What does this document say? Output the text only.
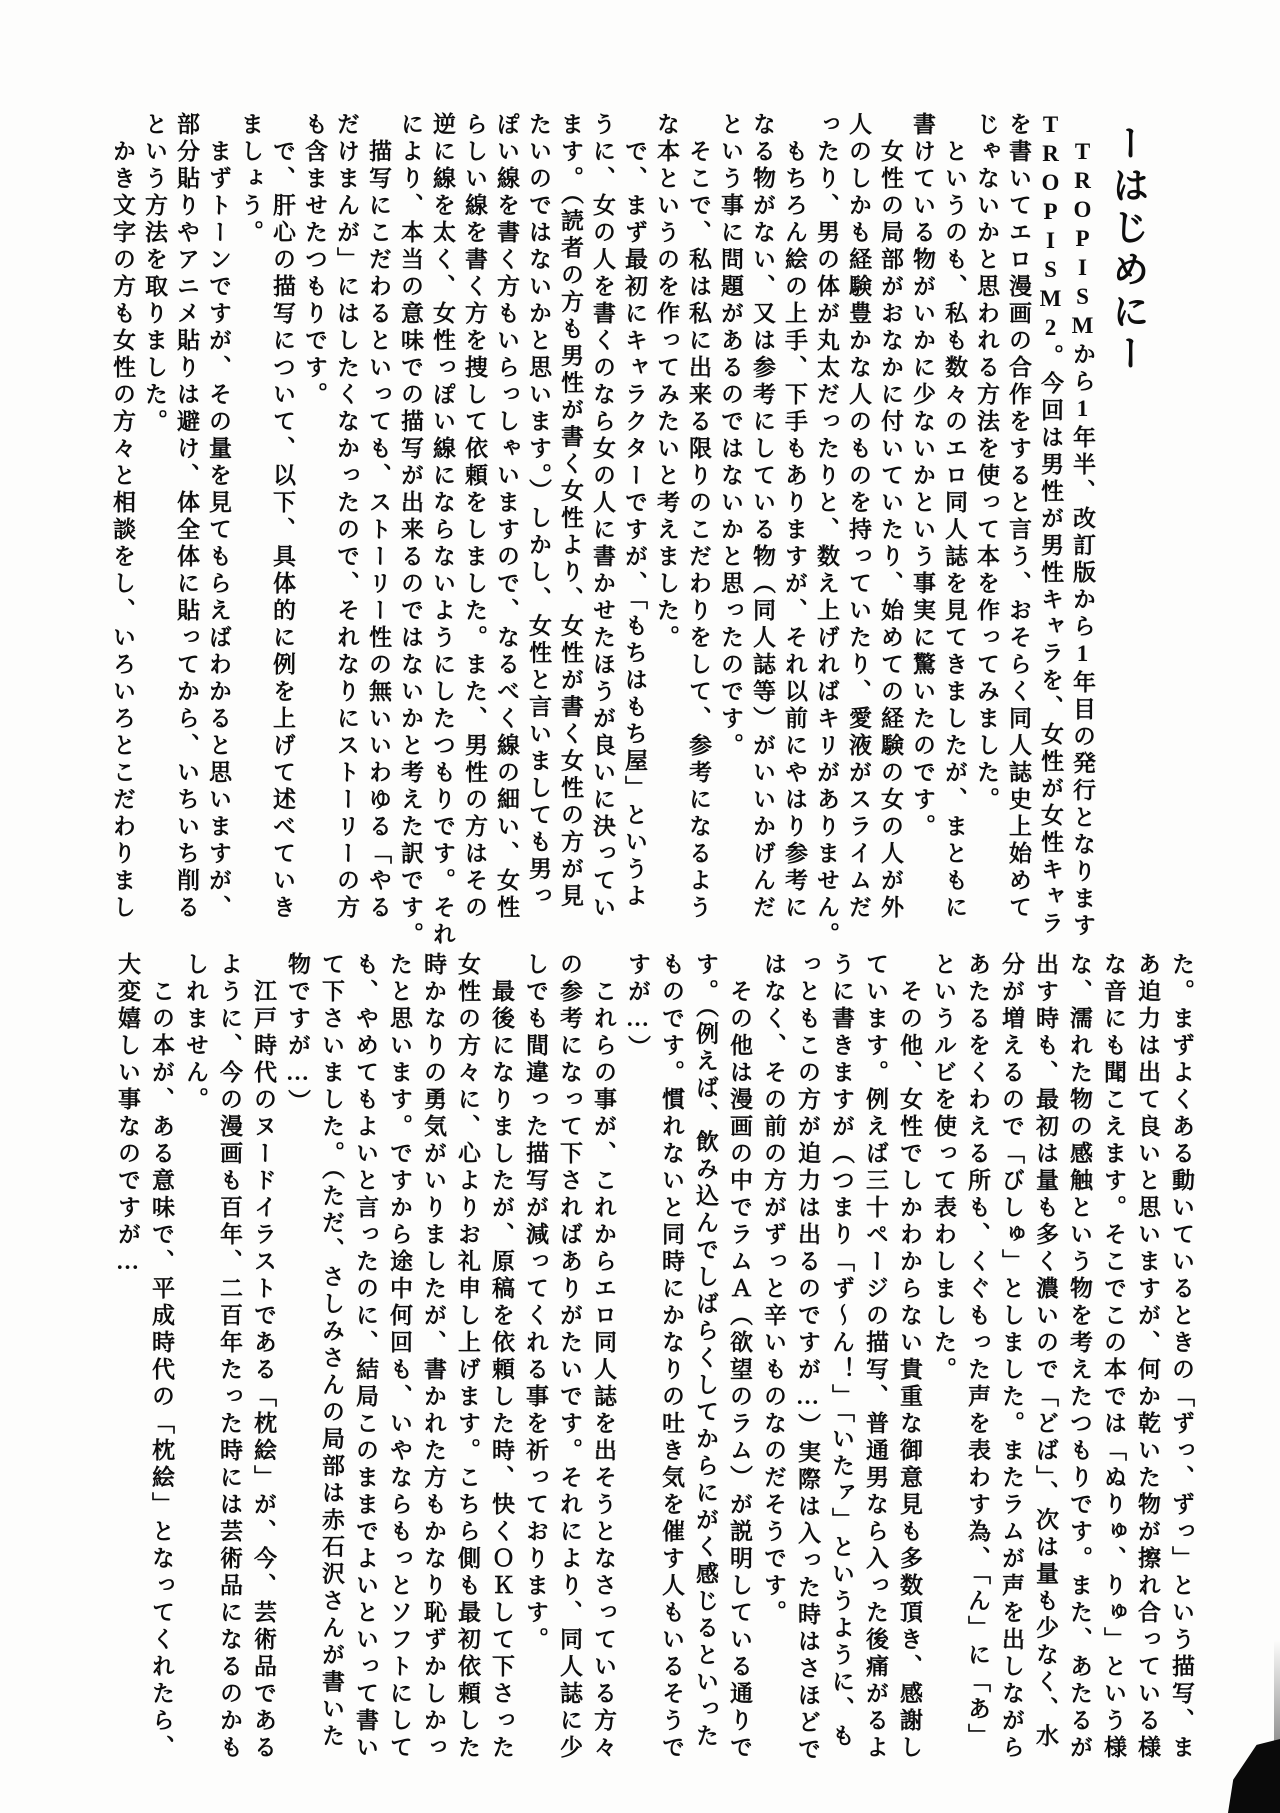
ーはじめにー
　TROPISMから1年半、改訂版から1年目の発行となります
TROPISM2。今回は男性が男性キャラを、女性が女性キャラ
を書いてエロ漫画の合作をすると言う、おそらく同人誌史上始めて
じゃないかと思われる方法を使って本を作ってみました。
　というのも、私も数々のエロ同人誌を見てきましたが、まともに
書けている物がいかに少ないかという事実に驚いたのです。
　女性の局部がおなかに付いていたり、始めての経験の女の人が外
人のしかも経験豊かな人のものを持っていたり、愛液がスライムだ
ったり、男の体が丸太だったりと、数え上げればキリがありません。
　もちろん絵の上手、下手もありますが、それ以前にやはり参考に
なる物がない、又は参考にしている物（同人誌等）がいいかげんだ
という事に問題があるのではないかと思ったのです。
　そこで、私は私に出来る限りのこだわりをして、参考になるよう
な本というのを作ってみたいと考えました。
　で、まず最初にキャラクターですが、「もちはもち屋」というよ
うに、女の人を書くのなら女の人に書かせたほうが良いに決ってい
ます。（読者の方も男性が書く女性より、女性が書く女性の方が見
たいのではないかと思います。）しかし、女性と言いましても男っ
ぽい線を書く方もいらっしゃいますので、なるべく線の細い、女性
らしい線を書く方を捜して依頼をしました。また、男性の方はその
逆に線を太く、女性っぽい線にならないようにしたつもりです。それ
により、本当の意味での描写が出来るのではないかと考えた訳です。
　描写にこだわるといっても、ストーリー性の無いいわゆる「やる
だけまんが」にはしたくなかったので、それなりにストーリーの方
も含ませたつもりです。
　で、肝心の描写について、以下、具体的に例を上げて述べていき
ましょう。
　まずトーンですが、その量を見てもらえばわかると思いますが、
部分貼りやアニメ貼りは避け、体全体に貼ってから、いちいち削る
という方法を取りました。
　かき文字の方も女性の方々と相談をし、いろいろとこだわりまし
た。まずよくある動いているときの「ずっ、ずっ」という描写、ま
あ迫力は出て良いと思いますが、何か乾いた物が擦れ合っている様
な音にも聞こえます。そこでこの本では「ぬりゅ、りゅ」という様
な、濡れた物の感触という物を考えたつもりです。また、あたるが
出す時も、最初は量も多く濃いので「どば」、次は量も少なく、水
分が増えるので「びしゅ」としました。またラムが声を出しながら
あたるをくわえる所も、くぐもった声を表わす為、「ん」に「あ」
というルビを使って表わしました。
　その他、女性でしかわからない貴重な御意見も多数頂き、感謝し
ています。例えば三十ページの描写、普通男なら入った後痛がるよ
うに書きますが（つまり「ず〜ん！」「いたァ」というように、も
っともこの方が迫力は出るのですが…）実際は入った時はさほどで
はなく、その前の方がずっと辛いものなのだそうです。
　その他は漫画の中でラムＡ（欲望のラム）が説明している通りで
す。（例えば、飲み込んでしばらくしてからにがく感じるといった
ものです。慣れないと同時にかなりの吐き気を催す人もいるそうで
すが…）
　これらの事が、これからエロ同人誌を出そうとなさっている方々
の参考になって下さればありがたいです。それにより、同人誌に少
しでも間違った描写が減ってくれる事を祈っております。
　最後になりましたが、原稿を依頼した時、快くＯＫして下さった
女性の方々に、心よりお礼申し上げます。こちら側も最初依頼した
時かなりの勇気がいりましたが、書かれた方もかなり恥ずかしかっ
たと思います。ですから途中何回も、いやならもっとソフトにして
も、やめてもよいと言ったのに、結局このままでよいといって書い
て下さいました。（ただ、さしみさんの局部は赤石沢さんが書いた
物ですが…）
　江戸時代のヌードイラストである「枕絵」が、今、芸術品である
ように、今の漫画も百年、二百年たった時には芸術品になるのかも
しれません。
　この本が、ある意味で、平成時代の「枕絵」となってくれたら、
大変嬉しい事なのですが…
